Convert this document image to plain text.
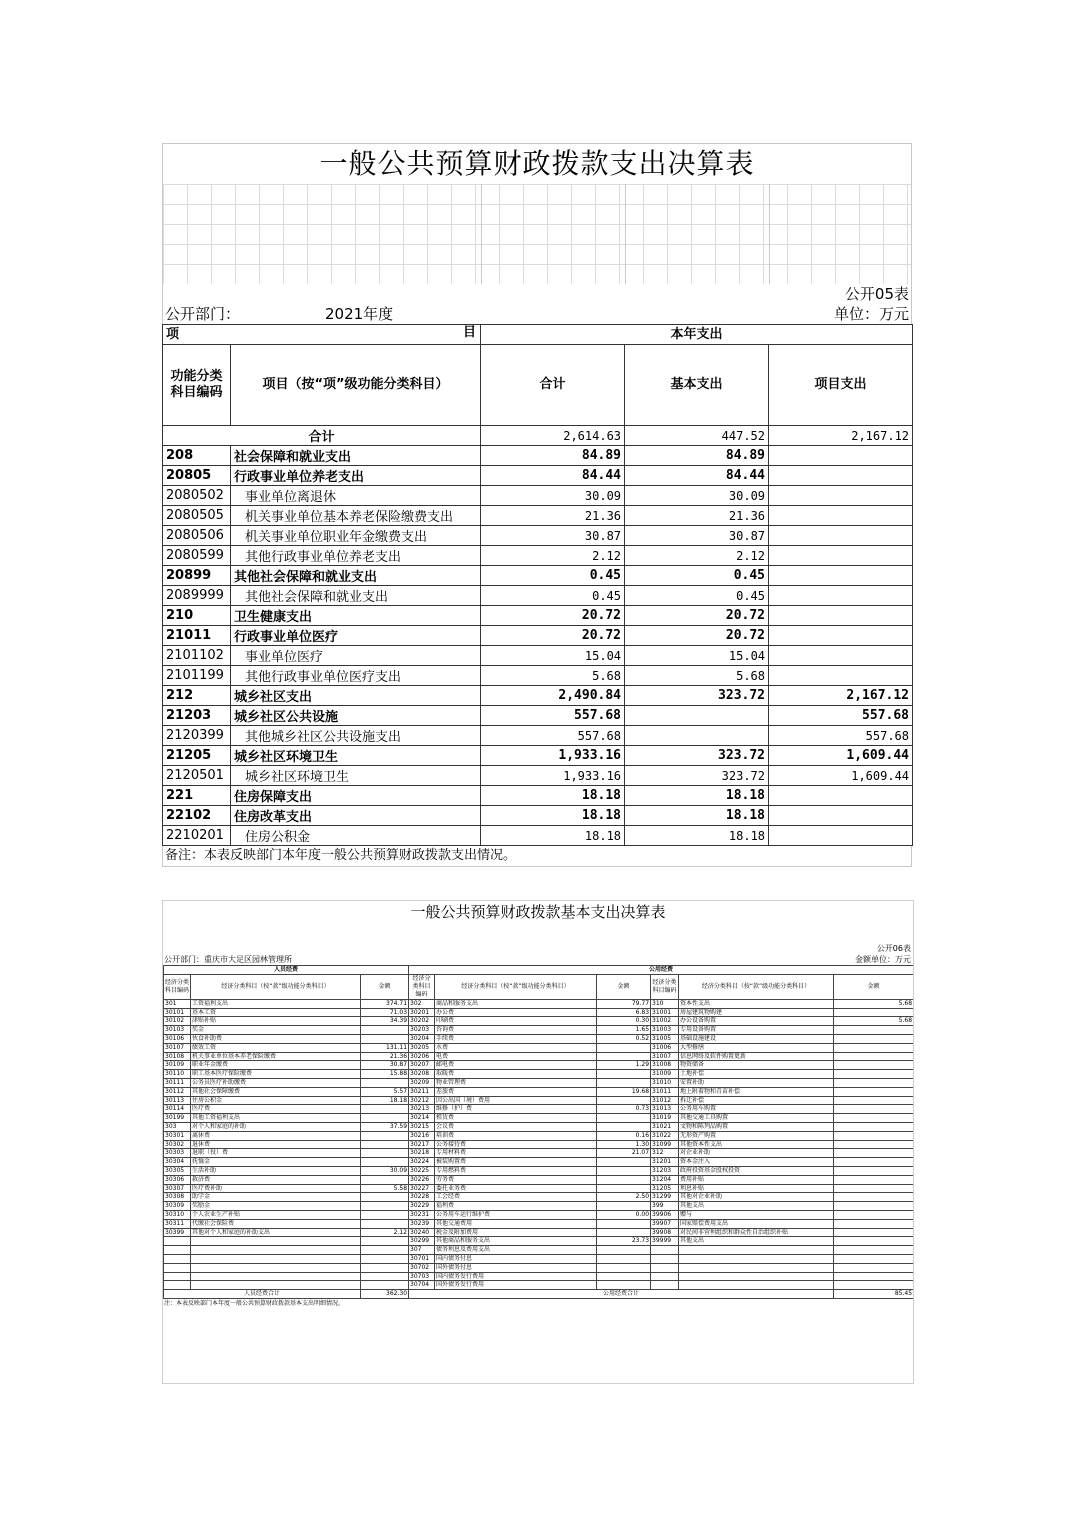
一般公共预算财政拨款支出决算表
公开05表
公开部门：	2021年度	单位：万元
项 目		本年支出		
功能分类科目编码	项目（按“项”级功能分类科目）	合计	基本支出	项目支出
合计		2,614.63	447.52	2,167.12
208	社会保障和就业支出	84.89	84.89	
20805	行政事业单位养老支出	84.44	84.44	
2080502	事业单位离退休	30.09	30.09	
2080505	机关事业单位基本养老保险缴费支出	21.36	21.36	
2080506	机关事业单位职业年金缴费支出	30.87	30.87	
2080599	其他行政事业单位养老支出	2.12	2.12	
20899	其他社会保障和就业支出	0.45	0.45	
2089999	其他社会保障和就业支出	0.45	0.45	
210	卫生健康支出	20.72	20.72	
21011	行政事业单位医疗	20.72	20.72	
2101102	事业单位医疗	15.04	15.04	
2101199	其他行政事业单位医疗支出	5.68	5.68	
212	城乡社区支出	2,490.84	323.72	2,167.12
21203	城乡社区公共设施	557.68		557.68
2120399	其他城乡社区公共设施支出	557.68		557.68
21205	城乡社区环境卫生	1,933.16	323.72	1,609.44
2120501	城乡社区环境卫生	1,933.16	323.72	1,609.44
221	住房保障支出	18.18	18.18	
22102	住房改革支出	18.18	18.18	
2210201	住房公积金	18.18	18.18	
备注：本表反映部门本年度一般公共预算财政拨款支出情况。
一般公共预算财政拨款基本支出决算表
公开06表
公开部门：重庆市大足区园林管理所	金额单位：万元
人员经费			公用经费					
经济分类科目编码	经济分类科目（按“款”级功能分类科目）	金额	经济分类科目编码	经济分类科目（按“款”级功能分类科目）	金额	经济分类科目编码	经济分类科目（按“款”级功能分类科目）	金额
301	工资福利支出	374.71	302	商品和服务支出	79.77	310	资本性支出	5.68
30101	基本工资	71.03	30201	办公费	6.83	31001	房屋建筑物购建	
30102	津贴补贴	34.39	30202	印刷费	0.30	31002	办公设备购置	5.68
30103	奖金		30203	咨询费	1.65	31003	专用设备购置	
30106	伙食补助费		30204	手续费	0.52	31005	基础设施建设	
30107	绩效工资	131.11	30205	水费		31006	大型修缮	
30108	机关事业单位基本养老保险缴费	21.36	30206	电费		31007	信息网络及软件购置更新	
30109	职业年金缴费	30.87	30207	邮电费	1.29	31008	物资储备	
30110	职工基本医疗保险缴费	15.88	30208	取暖费		31009	土地补偿	
30111	公务员医疗补助缴费		30209	物业管理费		31010	安置补助	
30112	其他社会保障缴费	5.57	30211	差旅费	19.68	31011	地上附着物和青苗补偿	
30113	住房公积金	18.18	30212	因公出国（境）费用		31012	拆迁补偿	
30114	医疗费		30213	维修（护）费	0.73	31013	公务用车购置	
30199	其他工资福利支出		30214	租赁费		31019	其他交通工具购置	
303	对个人和家庭的补助	37.59	30215	会议费		31021	文物和陈列品购置	
30301	离休费		30216	培训费	0.16	31022	无形资产购置	
30302	退休费		30217	公务接待费	1.30	31099	其他资本性支出	
30303	退职（役）费		30218	专用材料费	21.07	312	对企业补助	
30304	抚恤金		30224	被装购置费		31201	资本金注入	
30305	生活补助	30.09	30225	专用燃料费		31203	政府投资基金股权投资	
30306	救济费		30226	劳务费		31204	费用补贴	
30307	医疗费补助	5.58	30227	委托业务费		31205	利息补贴	
30308	助学金		30228	工会经费	2.50	31299	其他对企业补助	
30309	奖励金		30229	福利费		399	其他支出	
30310	个人农业生产补贴		30231	公务用车运行维护费	0.00	39906	赠与	
30311	代缴社会保险费		30239	其他交通费用		39907	国家赔偿费用支出	
30399	其他对个人和家庭的补助支出	2.12	30240	税金及附加费用		39908	对民间非营利组织和群众性自治组织补贴	
			30299	其他商品和服务支出	23.73	39999	其他支出	
			307	债务利息及费用支出				
			30701	国内债务付息				
			30702	国外债务付息				
			30703	国内债务发行费用				
			30704	国外债务发行费用				
人员经费合计		362.30	公用经费合计					85.45
注：本表反映部门本年度一般公共预算财政拨款基本支出明细情况。
